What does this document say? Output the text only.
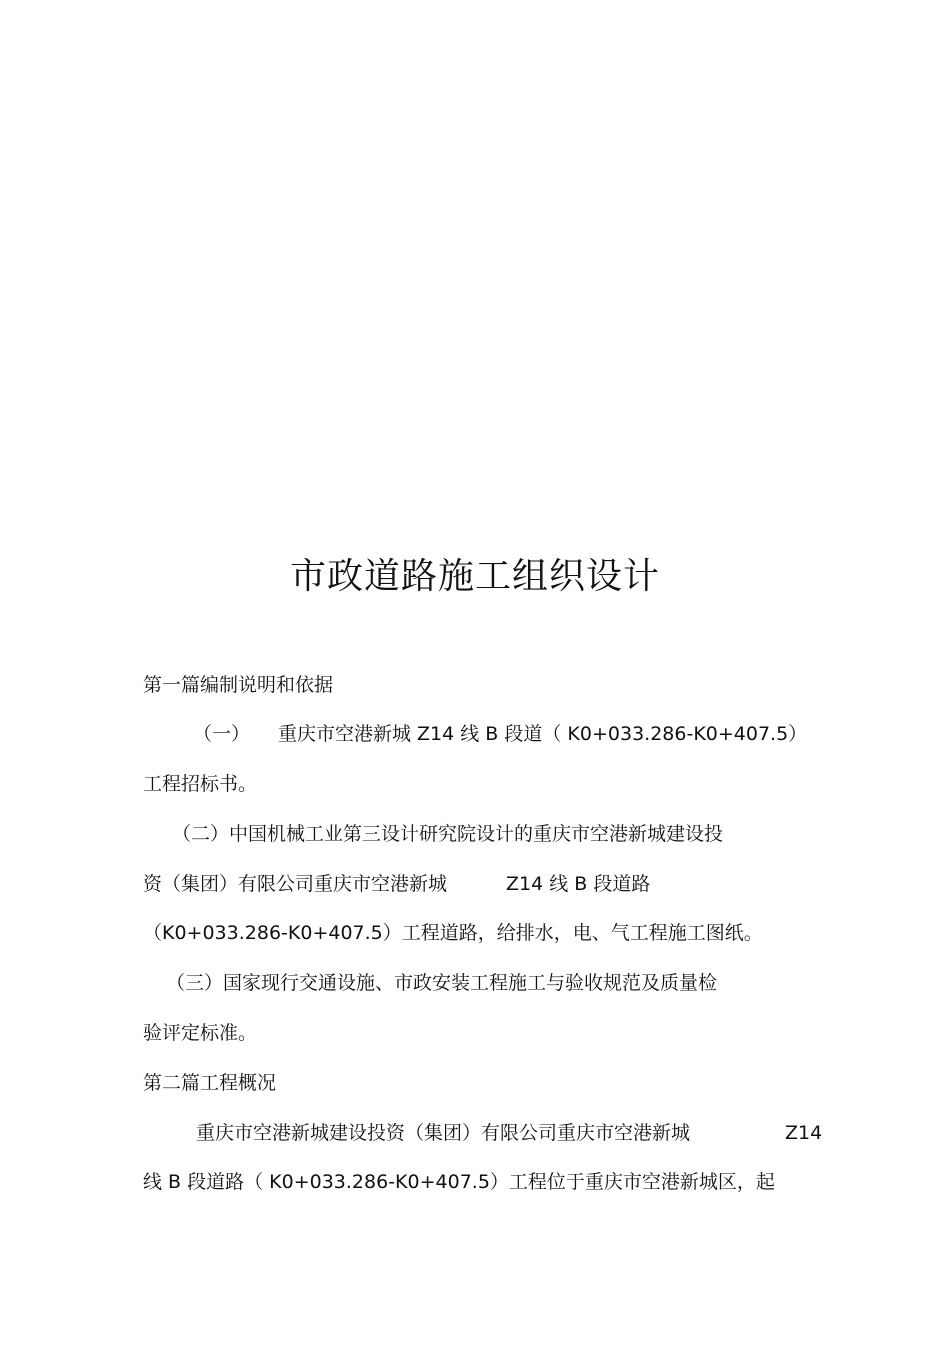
市政道路施工组织设计
第一篇编制说明和依据
（一） 重庆市空港新城 Z14 线 B 段道（ K0+033.286-K0+407.5）
工程招标书。
（二）中国机械工业第三设计研究院设计的重庆市空港新城建设投
资（集团）有限公司重庆市空港新城	Z14 线 B 段道路
（K0+033.286-K0+407.5）工程道路，给排水，电、气工程施工图纸。
（三）国家现行交通设施、市政安装工程施工与验收规范及质量检
验评定标准。
第二篇工程概况
重庆市空港新城建设投资（集团）有限公司重庆市空港新城	Z14
线 B 段道路（ K0+033.286-K0+407.5）工程位于重庆市空港新城区，起
